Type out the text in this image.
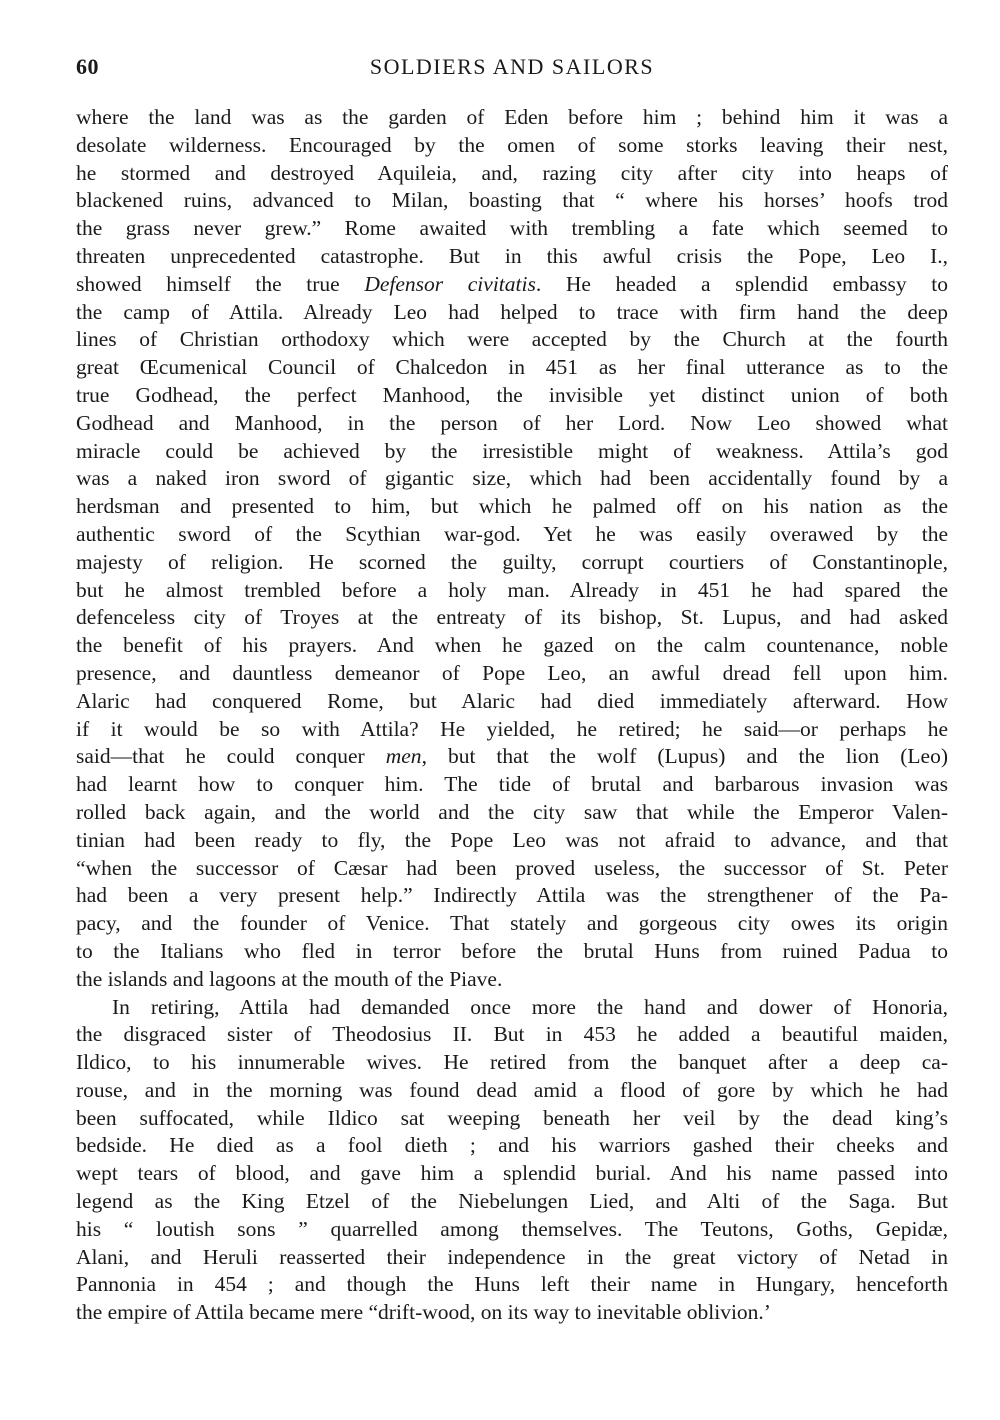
60	SOLDIERS AND SAILORS
where the land was as the garden of Eden before him ; behind him it was a
desolate wilderness. Encouraged by the omen of some storks leaving their nest,
he stormed and destroyed Aquileia, and, razing city after city into heaps of
blackened ruins, advanced to Milan, boasting that “ where his horses’ hoofs trod
the grass never grew.” Rome awaited with trembling a fate which seemed to
threaten unprecedented catastrophe. But in this awful crisis the Pope, Leo I.,
showed himself the true Defensor civitatis. He headed a splendid embassy to
the camp of Attila. Already Leo had helped to trace with firm hand the deep
lines of Christian orthodoxy which were accepted by the Church at the fourth
great Œcumenical Council of Chalcedon in 451 as her final utterance as to the
true Godhead, the perfect Manhood, the invisible yet distinct union of both
Godhead and Manhood, in the person of her Lord. Now Leo showed what
miracle could be achieved by the irresistible might of weakness. Attila’s god
was a naked iron sword of gigantic size, which had been accidentally found by a
herdsman and presented to him, but which he palmed off on his nation as the
authentic sword of the Scythian war-god. Yet he was easily overawed by the
majesty of religion. He scorned the guilty, corrupt courtiers of Constantinople,
but he almost trembled before a holy man. Already in 451 he had spared the
defenceless city of Troyes at the entreaty of its bishop, St. Lupus, and had asked
the benefit of his prayers. And when he gazed on the calm countenance, noble
presence, and dauntless demeanor of Pope Leo, an awful dread fell upon him.
Alaric had conquered Rome, but Alaric had died immediately afterward. How
if it would be so with Attila? He yielded, he retired; he said—or perhaps he
said—that he could conquer men, but that the wolf (Lupus) and the lion (Leo)
had learnt how to conquer him. The tide of brutal and barbarous invasion was
rolled back again, and the world and the city saw that while the Emperor Valen-
tinian had been ready to fly, the Pope Leo was not afraid to advance, and that
“when the successor of Cæsar had been proved useless, the successor of St. Peter
had been a very present help.” Indirectly Attila was the strengthener of the Pa-
pacy, and the founder of Venice. That stately and gorgeous city owes its origin
to the Italians who fled in terror before the brutal Huns from ruined Padua to
the islands and lagoons at the mouth of the Piave.
In retiring, Attila had demanded once more the hand and dower of Honoria,
the disgraced sister of Theodosius II. But in 453 he added a beautiful maiden,
Ildico, to his innumerable wives. He retired from the banquet after a deep ca-
rouse, and in the morning was found dead amid a flood of gore by which he had
been suffocated, while Ildico sat weeping beneath her veil by the dead king’s
bedside. He died as a fool dieth ; and his warriors gashed their cheeks and
wept tears of blood, and gave him a splendid burial. And his name passed into
legend as the King Etzel of the Niebelungen Lied, and Alti of the Saga. But
his “ loutish sons ” quarrelled among themselves. The Teutons, Goths, Gepidæ,
Alani, and Heruli reasserted their independence in the great victory of Netad in
Pannonia in 454 ; and though the Huns left their name in Hungary, henceforth
the empire of Attila became mere “drift-wood, on its way to inevitable oblivion.’
